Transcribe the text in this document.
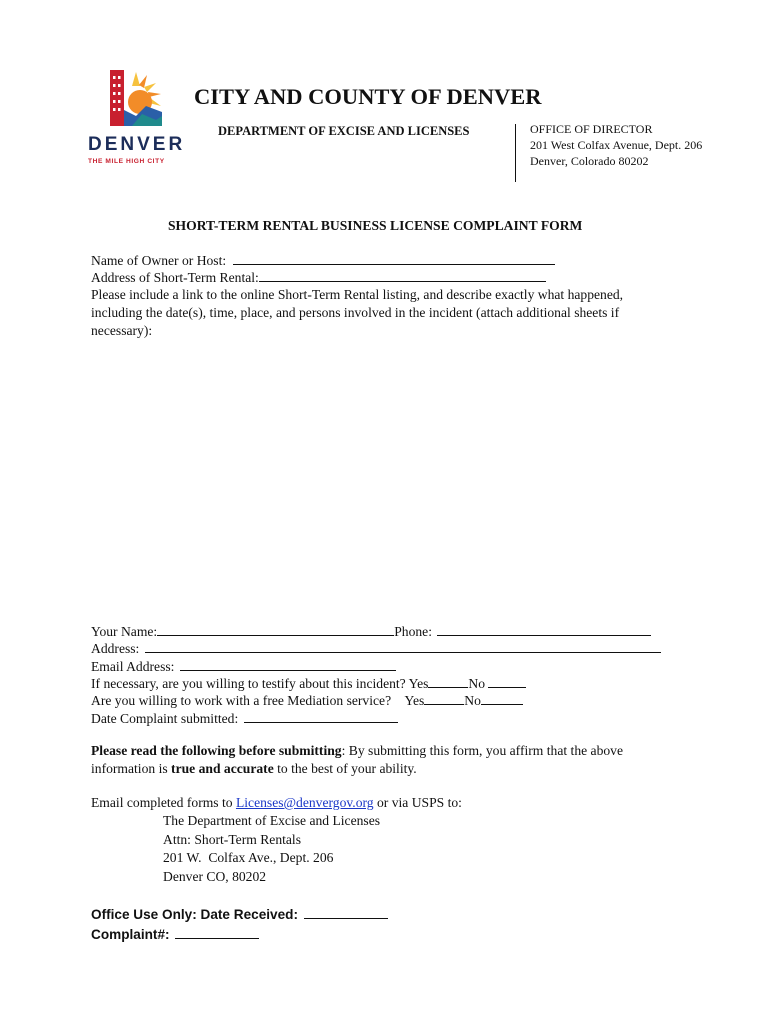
DENVER
THE MILE HIGH CITY
CITY AND COUNTY OF DENVER
DEPARTMENT OF EXCISE AND LICENSES	OFFICE OF DIRECTOR
201 West Colfax Avenue, Dept. 206
Denver, Colorado 80202
SHORT-TERM RENTAL BUSINESS LICENSE COMPLAINT FORM
Name of Owner or Host:
Address of Short-Term Rental:
Please include a link to the online Short-Term Rental listing, and describe exactly what happened,
including the date(s), time, place, and persons involved in the incident (attach additional sheets if
necessary):
Your Name:	Phone:
Address:
Email Address:
If necessary, are you willing to testify about this incident? Yes	No
Are you willing to work with a free Mediation service? Yes	No
Date Complaint submitted:
Please read the following before submitting: By submitting this form, you affirm that the above
information is true and accurate to the best of your ability.
Email completed forms to Licenses@denvergov.org or via USPS to:
The Department of Excise and Licenses
Attn: Short-Term Rentals
201 W.  Colfax Ave., Dept. 206
Denver CO, 80202
Office Use Only: Date Received:
Complaint#:
